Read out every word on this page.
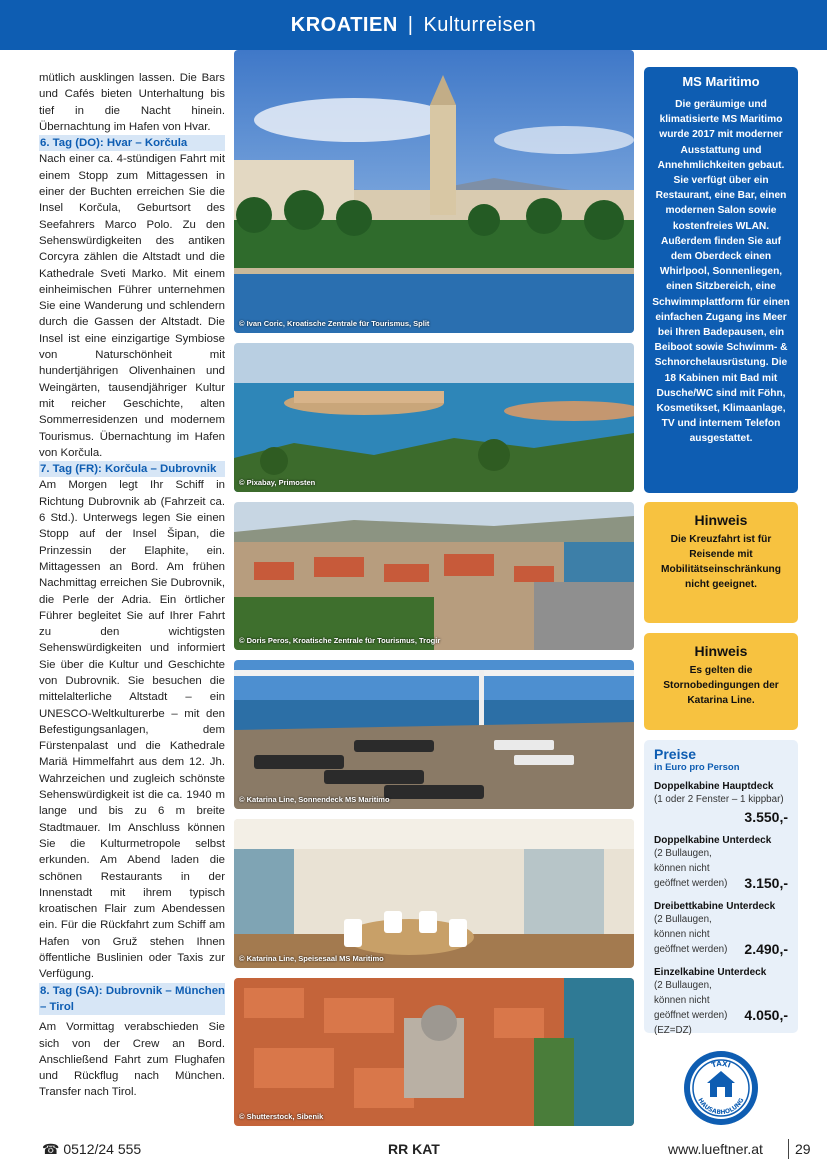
KROATIEN | Kulturreisen

mütlich ausklingen lassen. Die Bars und Cafés bieten Unterhaltung bis tief in die Nacht hinein. Übernachtung im Hafen von Hvar.

6. Tag (DO): Hvar – Korčula

Nach einer ca. 4-stündigen Fahrt mit einem Stopp zum Mittagessen in einer der Buchten erreichen Sie die Insel Korčula, Geburtsort des Seefahrers Marco Polo. Zu den Sehenswürdigkeiten des antiken Corcyra zählen die Altstadt und die Kathedrale Sveti Marko. Mit einem einheimischen Führer unternehmen Sie eine Wanderung und schlendern durch die Gassen der Altstadt. Die Insel ist eine einzigartige Symbiose von Naturschönheit mit hundertjährigen Olivenhainen und Weingärten, tausendjähriger Kultur mit reicher Geschichte, alten Sommerresidenzen und modernem Tourismus. Übernachtung im Hafen von Korčula.

7. Tag (FR): Korčula – Dubrovnik

Am Morgen legt Ihr Schiff in Richtung Dubrovnik ab (Fahrzeit ca. 6 Std.). Unterwegs legen Sie einen Stopp auf der Insel Šipan, die Prinzessin der Elaphite, ein. Mittagessen an Bord. Am frühen Nachmittag erreichen Sie Dubrovnik, die Perle der Adria. Ein örtlicher Führer begleitet Sie auf Ihrer Fahrt zu den wichtigsten Sehenswürdigkeiten und informiert Sie über die Kultur und Geschichte von Dubrovnik. Sie besuchen die mittelalterliche Altstadt – ein UNESCO-Weltkulturerbe – mit den Befestigungsanlagen, dem Fürstenpalast und die Kathedrale Mariä Himmelfahrt aus dem 12. Jh. Wahrzeichen und zugleich schönste Sehenswürdigkeit ist die ca. 1940 m lange und bis zu 6 m breite Stadtmauer. Im Anschluss können Sie die Kulturmetropole selbst erkunden. Am Abend laden die schönen Restaurants in der Innenstadt mit ihrem typisch kroatischen Flair zum Abendessen ein. Für die Rückfahrt zum Schiff am Hafen von Gruž stehen Ihnen öffentliche Buslinien oder Taxis zur Verfügung.

8. Tag (SA): Dubrovnik – München – Tirol

Am Vormittag verabschieden Sie sich von der Crew an Bord. Anschließend Fahrt zum Flughafen und Rückflug nach München. Transfer nach Tirol.

© Ivan Coric, Kroatische Zentrale für Tourismus, Split
© Pixabay, Primosten
© Doris Peros, Kroatische Zentrale für Tourismus, Trogir
© Katarina Line, Sonnendeck MS Maritimo
© Katarina Line, Speisesaal MS Maritimo
© Shutterstock, Sibenik
MS Maritimo

Die geräumige und klimatisierte MS Maritimo wurde 2017 mit moderner Ausstattung und Annehmlichkeiten gebaut. Sie verfügt über ein Restaurant, eine Bar, einen modernen Salon sowie kostenfreies WLAN. Außerdem finden Sie auf dem Oberdeck einen Whirlpool, Sonnenliegen, einen Sitzbereich, eine Schwimmplattform für einen einfachen Zugang ins Meer bei Ihren Badepausen, ein Beiboot sowie Schwimm- & Schnorchelausrüstung. Die 18 Kabinen mit Bad mit Dusche/WC sind mit Föhn, Kosmetikset, Klimaanlage, TV und internem Telefon ausgestattet.

Hinweis

Die Kreuzfahrt ist für Reisende mit Mobilitätseinschränkung nicht geeignet.

Hinweis

Es gelten die Stornobedingungen der Katarina Line.

Preise
in Euro pro Person
Doppelkabine Hauptdeck
(1 oder 2 Fenster – 1 kippbar)
3.550,-
Doppelkabine Unterdeck
(2 Bullaugen, können nicht geöffnet werden)	3.150,-
Dreibettkabine Unterdeck
(2 Bullaugen, können nicht geöffnet werden)	2.490,-
Einzelkabine Unterdeck
(2 Bullaugen, können nicht geöffnet werden) (EZ=DZ)
4.050,-
TAXI
HAUSABHOLUNG
☎ 0512/24 555	RR KAT	www.lueftner.at 29
